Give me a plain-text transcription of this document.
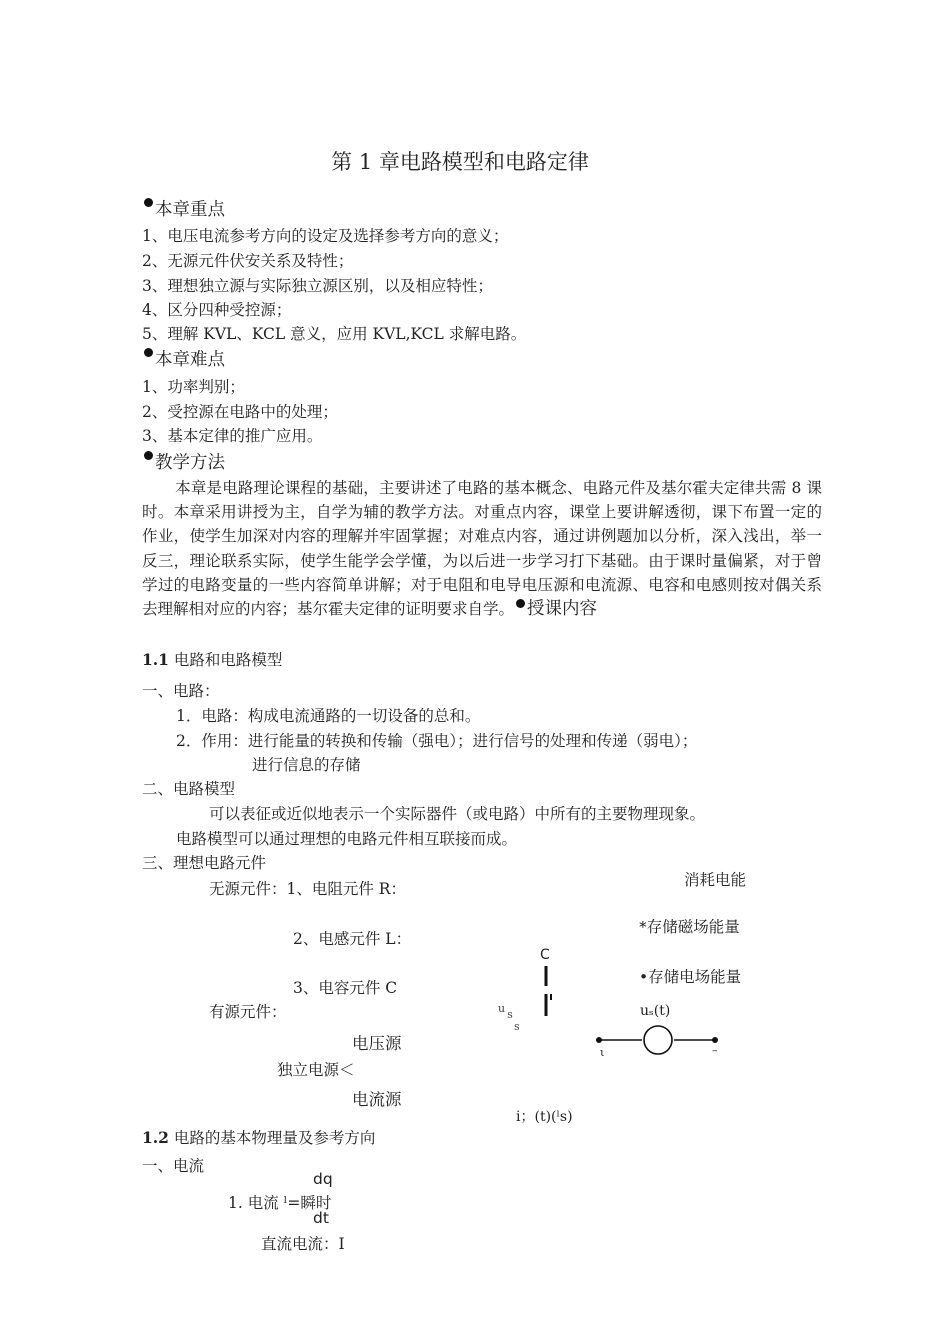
第 1 章电路模型和电路定律
本章重点
1、电压电流参考方向的设定及选择参考方向的意义；
2、无源元件伏安关系及特性；
3、理想独立源与实际独立源区别，以及相应特性；
4、区分四种受控源；
5、理解 KVL、KCL 意义，应用 KVL,KCL 求解电路。
本章难点
1、功率判别；
2、受控源在电路中的处理；
3、基本定律的推广应用。
教学方法
本章是电路理论课程的基础，主要讲述了电路的基本概念、电路元件及基尔霍夫定律共需 8 课时。本章采用讲授为主，自学为辅的教学方法。对重点内容，课堂上要讲解透彻，课下布置一定的作业，使学生加深对内容的理解并牢固掌握；对难点内容，通过讲例题加以分析，深入浅出，举一反三，理论联系实际，使学生能学会学懂，为以后进一步学习打下基础。由于课时量偏紧，对于曾学过的电路变量的一些内容简单讲解；对于电阻和电导电压源和电流源、电容和电感则按对偶关系去理解相对应的内容；基尔霍夫定律的证明要求自学。 授课内容
1.1 电路和电路模型
一、电路：
1．电路：构成电流通路的一切设备的总和。
2．作用：进行能量的转换和传输（强电）；进行信号的处理和传递（弱电）；
进行信息的存储
二、电路模型
可以表征或近似地表示一个实际器件（或电路）中所有的主要物理现象。
电路模型可以通过理想的电路元件相互联接而成。
三、理想电路元件
无源元件：1、电阻元件 R：
2、电感元件 L：
3、电容元件 C
有源元件：
消耗电能
*存储磁场能量
•存储电场能量
C
u s
s
uₛ(t)
ι	–
电压源
独立电源＜
电流源
i；(t)(ˡs)
1.2 电路的基本物理量及参考方向
一、电流
dq
1. 电流 ˡ=瞬时
dt
直流电流：I
